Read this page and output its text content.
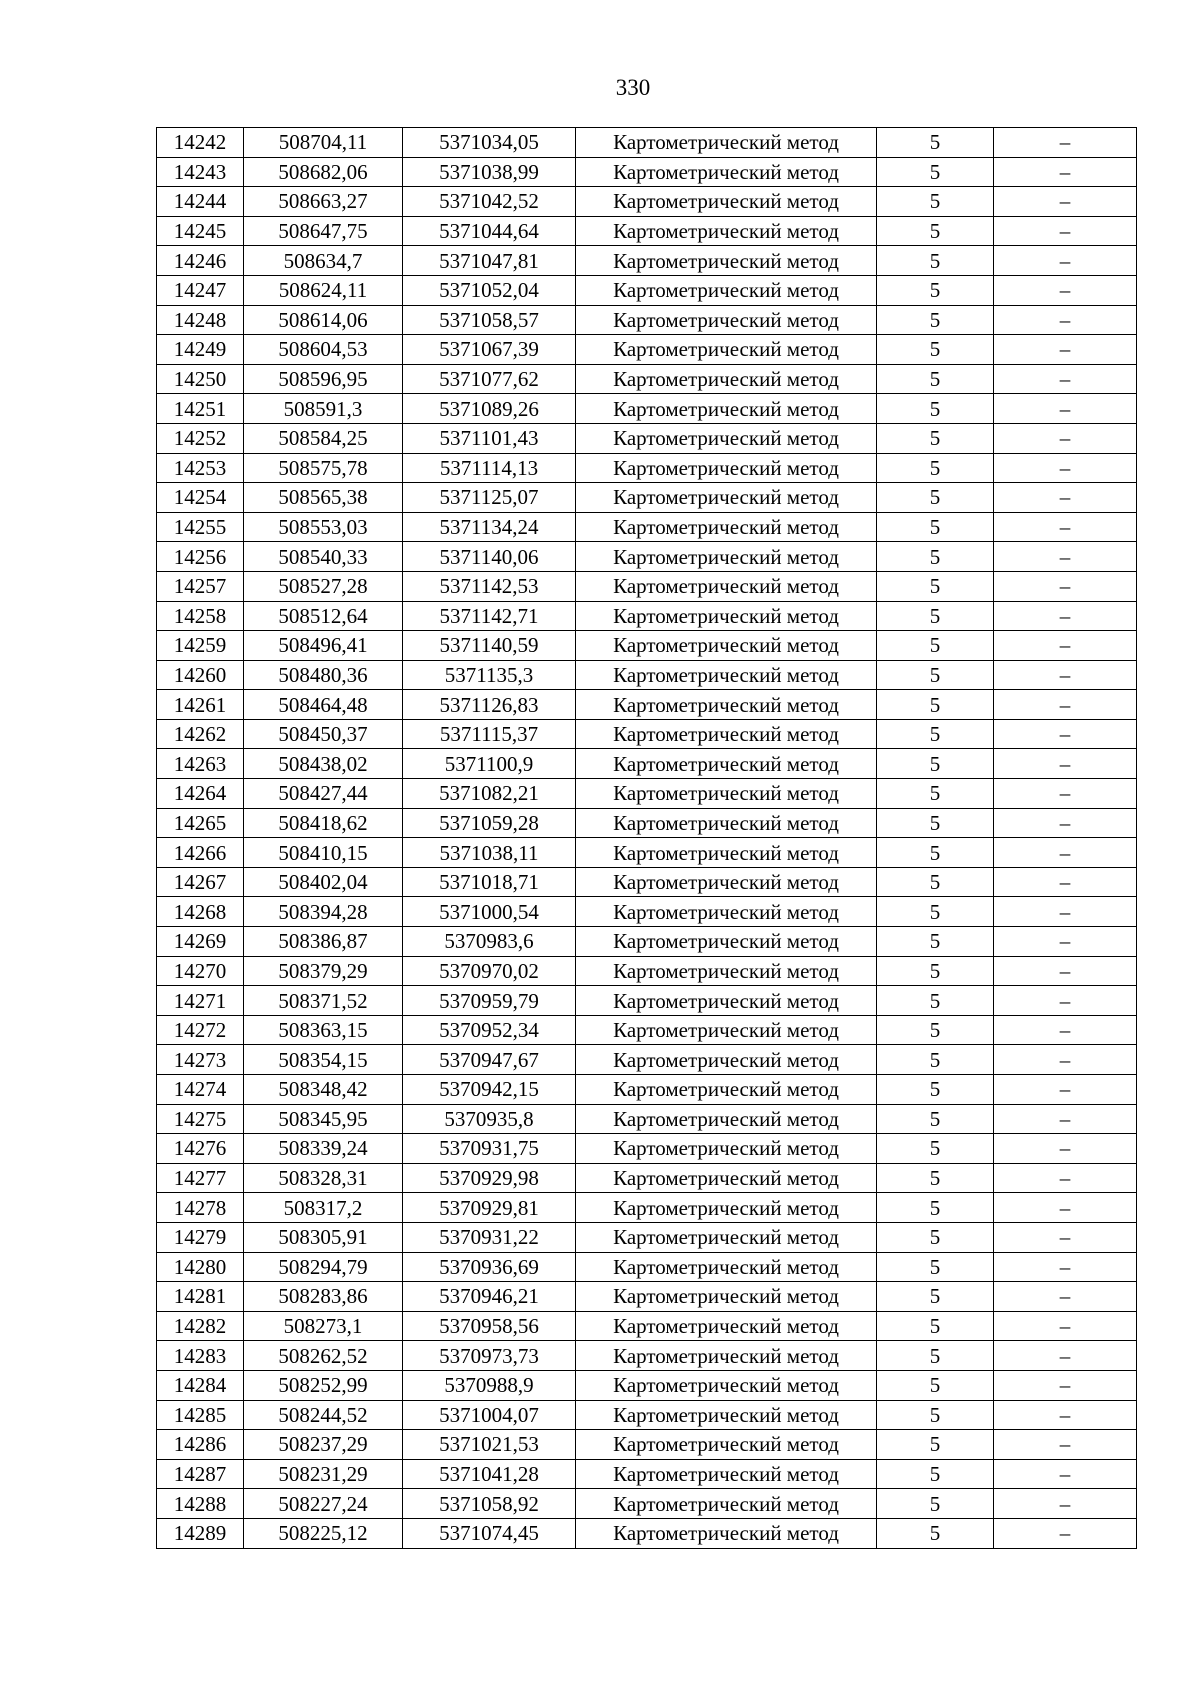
330
14242	508704,11	5371034,05	Картометрический метод	5	–
14243	508682,06	5371038,99	Картометрический метод	5	–
14244	508663,27	5371042,52	Картометрический метод	5	–
14245	508647,75	5371044,64	Картометрический метод	5	–
14246	508634,7	5371047,81	Картометрический метод	5	–
14247	508624,11	5371052,04	Картометрический метод	5	–
14248	508614,06	5371058,57	Картометрический метод	5	–
14249	508604,53	5371067,39	Картометрический метод	5	–
14250	508596,95	5371077,62	Картометрический метод	5	–
14251	508591,3	5371089,26	Картометрический метод	5	–
14252	508584,25	5371101,43	Картометрический метод	5	–
14253	508575,78	5371114,13	Картометрический метод	5	–
14254	508565,38	5371125,07	Картометрический метод	5	–
14255	508553,03	5371134,24	Картометрический метод	5	–
14256	508540,33	5371140,06	Картометрический метод	5	–
14257	508527,28	5371142,53	Картометрический метод	5	–
14258	508512,64	5371142,71	Картометрический метод	5	–
14259	508496,41	5371140,59	Картометрический метод	5	–
14260	508480,36	5371135,3	Картометрический метод	5	–
14261	508464,48	5371126,83	Картометрический метод	5	–
14262	508450,37	5371115,37	Картометрический метод	5	–
14263	508438,02	5371100,9	Картометрический метод	5	–
14264	508427,44	5371082,21	Картометрический метод	5	–
14265	508418,62	5371059,28	Картометрический метод	5	–
14266	508410,15	5371038,11	Картометрический метод	5	–
14267	508402,04	5371018,71	Картометрический метод	5	–
14268	508394,28	5371000,54	Картометрический метод	5	–
14269	508386,87	5370983,6	Картометрический метод	5	–
14270	508379,29	5370970,02	Картометрический метод	5	–
14271	508371,52	5370959,79	Картометрический метод	5	–
14272	508363,15	5370952,34	Картометрический метод	5	–
14273	508354,15	5370947,67	Картометрический метод	5	–
14274	508348,42	5370942,15	Картометрический метод	5	–
14275	508345,95	5370935,8	Картометрический метод	5	–
14276	508339,24	5370931,75	Картометрический метод	5	–
14277	508328,31	5370929,98	Картометрический метод	5	–
14278	508317,2	5370929,81	Картометрический метод	5	–
14279	508305,91	5370931,22	Картометрический метод	5	–
14280	508294,79	5370936,69	Картометрический метод	5	–
14281	508283,86	5370946,21	Картометрический метод	5	–
14282	508273,1	5370958,56	Картометрический метод	5	–
14283	508262,52	5370973,73	Картометрический метод	5	–
14284	508252,99	5370988,9	Картометрический метод	5	–
14285	508244,52	5371004,07	Картометрический метод	5	–
14286	508237,29	5371021,53	Картометрический метод	5	–
14287	508231,29	5371041,28	Картометрический метод	5	–
14288	508227,24	5371058,92	Картометрический метод	5	–
14289	508225,12	5371074,45	Картометрический метод	5	–
